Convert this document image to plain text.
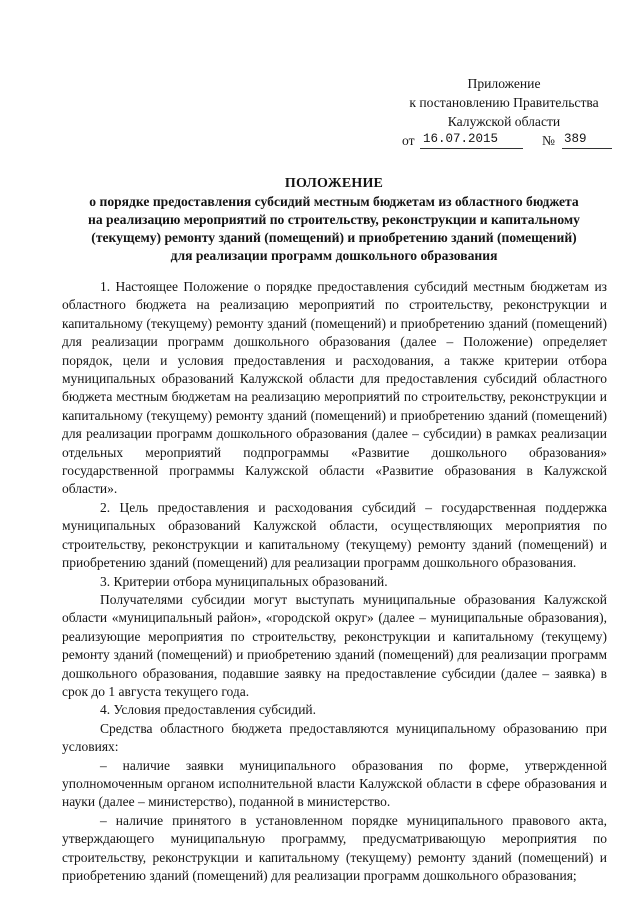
Приложение
к постановлению Правительства
Калужской области
от 16.07.2015	№ 389
ПОЛОЖЕНИЕ
о порядке предоставления субсидий местным бюджетам из областного бюджета
на реализацию мероприятий по строительству, реконструкции и капитальному
(текущему) ремонту зданий (помещений) и приобретению зданий (помещений)
для реализации программ дошкольного образования

1. Настоящее Положение о порядке предоставления субсидий местным бюджетам из областного бюджета на реализацию мероприятий по строительству, реконструкции и капитальному (текущему) ремонту зданий (помещений) и приобретению зданий (помещений) для реализации программ дошкольного образования (далее – Положение) определяет порядок, цели и условия предоставления и расходования, а также критерии отбора муниципальных образований Калужской области для предоставления субсидий областного бюджета местным бюджетам на реализацию мероприятий по строительству, реконструкции и капитальному (текущему) ремонту зданий (помещений) и приобретению зданий (помещений) для реализации программ дошкольного образования (далее – субсидии) в рамках реализации отдельных мероприятий подпрограммы «Развитие дошкольного образования» государственной программы Калужской области «Развитие образования в Калужской области».

2. Цель предоставления и расходования субсидий – государственная поддержка муниципальных образований Калужской области, осуществляющих мероприятия по строительству, реконструкции и капитальному (текущему) ремонту зданий (помещений) и приобретению зданий (помещений) для реализации программ дошкольного образования.

3. Критерии отбора муниципальных образований.

Получателями субсидии могут выступать муниципальные образования Калужской области «муниципальный район», «городской округ» (далее – муниципальные образования), реализующие мероприятия по строительству, реконструкции и капитальному (текущему) ремонту зданий (помещений) и приобретению зданий (помещений) для реализации программ дошкольного образования, подавшие заявку на предоставление субсидии (далее – заявка) в срок до 1 августа текущего года.

4. Условия предоставления субсидий.

Средства областного бюджета предоставляются муниципальному образованию при условиях:

– наличие заявки муниципального образования по форме, утвержденной уполномоченным органом исполнительной власти Калужской области в сфере образования и науки (далее – министерство), поданной в министерство.

– наличие принятого в установленном порядке муниципального правового акта, утверждающего муниципальную программу, предусматривающую мероприятия по строительству, реконструкции и капитальному (текущему) ремонту зданий (помещений) и приобретению зданий (помещений) для реализации программ дошкольного образования;
